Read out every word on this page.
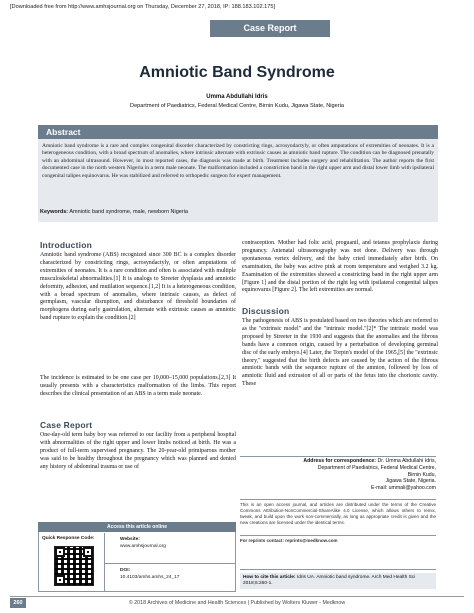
[Downloaded free from http://www.amhsjournal.org on Thursday, December 27, 2018, IP: 188.183.102.175]
Case Report
Amniotic Band Syndrome
Umma Abdullahi Idris
Department of Paediatrics, Federal Medical Centre, Birnin Kudu, Jigawa State, Nigeria
Abstract
Amniotic band syndrome is a rare and complex congenital disorder characterized by constricting rings, acrosyndactyly, or often amputations of extremities of neonates. It is a heterogeneous condition, with a broad spectrum of anomalies, where intrinsic alternate with extrinsic causes as amniotic band rupture. The condition can be diagnosed prenatally with an abdominal ultrasound. However, in most reported cases, the diagnosis was made at birth. Treatment includes surgery and rehabilitation. The author reports the first documented case in the north western Nigeria in a term male neonate. The malformation included a constriction band in the right upper arm and distal lower limb with ipsilateral congenital talipes equinovarus. He was stabilized and referred to orthopedic surgeon for expert management.
Keywords: Amniotic band syndrome, male, newborn Nigeria
Introduction
Amniotic band syndrome (ABS) recognized since 300 BC is a complex disorder characterized by constricting rings, acrosyndactyly, or often amputations of extremities of neonates. It is a rare condition and often is associated with multiple musculoskeletal abnormalities.[1] It is analogs to Streeter dysplasia and amniotic deformity, adhesion, and mutilation sequence.[1,2] It is a heterogeneous condition, with a broad spectrum of anomalies, where intrinsic causes, as defect of germplasm, vascular disruption, and disturbance of threshold boundaries of morphogens during early gastrulation, alternate with extrinsic causes as amniotic band rupture to explain the condition.[2]
The incidence is estimated to be one case per 10,000–15,000 populations.[2,3] It usually presents with a characteristics malformation of the limbs. This report describes the clinical presentation of an ABS in a term male neonate.
Case Report
One-day-old term baby boy was referred to our facility from a peripheral hospital with abnormalities of the right upper and lower limbs noticed at birth. He was a product of full-term supervised pregnancy. The 20-year-old primiparous mother was said to be healthy throughout the pregnancy which was planned and denied any history of abdominal trauma or use of
Access this article online
Quick Response Code:	Website:
www.amhsjournal.org
DOI:
10.4103/amhs.amhs_24_17
contraception. Mother had folic acid, proguanil, and tetanus prophylaxis during pregnancy. Antenatal ultrasonography was not done. Delivery was through spontaneous vertex delivery, and the baby cried immediately after birth. On examination, the baby was active pink at room temperature and weighed 3.2 kg. Examination of the extremities showed a constricting band in the right upper arm [Figure 1] and the distal portion of the right leg with ipsilateral congenital talipes equinovarus [Figure 2]. The left extremities are normal.
Discussion
The pathogenesis of ABS is postulated based on two theories which are referred to as the "extrinsic model" and the "intrinsic model."[2]* The intrinsic model was proposed by Streeter in the 1930 and suggests that the anomalies and the fibrous bands have a common origin, caused by a perturbation of developing germinal disc of the early embryo.[4] Later, the Torpin's model of the 1965,[5] the "extrinsic theory," suggested that the birth defects are caused by the action of the fibrous amniotic bands with the sequence rupture of the amnion, followed by loss of amniotic fluid and extrusion of all or parts of the fetus into the chorionic cavity. These
Address for correspondence: Dr. Umma Abdullahi Idris,
Department of Paediatrics, Federal Medical Centre,
Birnin Kudu,
Jigawa State, Nigeria.
E-mail: ummali@yahoo.com
This is an open access journal, and articles are distributed under the terms of the Creative Commons Attribution-NonCommercial-ShareAlike 4.0 License, which allows others to remix, tweak, and build upon the work non-commercially, as long as appropriate credit is given and the new creations are licensed under the identical terms.
For reprints contact: reprints@medknow.com
How to cite this article: Idris UA. Amniotic band syndrome. Arch Med Health Sci 2018;6:260-1.
260	© 2018 Archives of Medicine and Health Sciences | Published by Wolters Kluwer - Medknow
